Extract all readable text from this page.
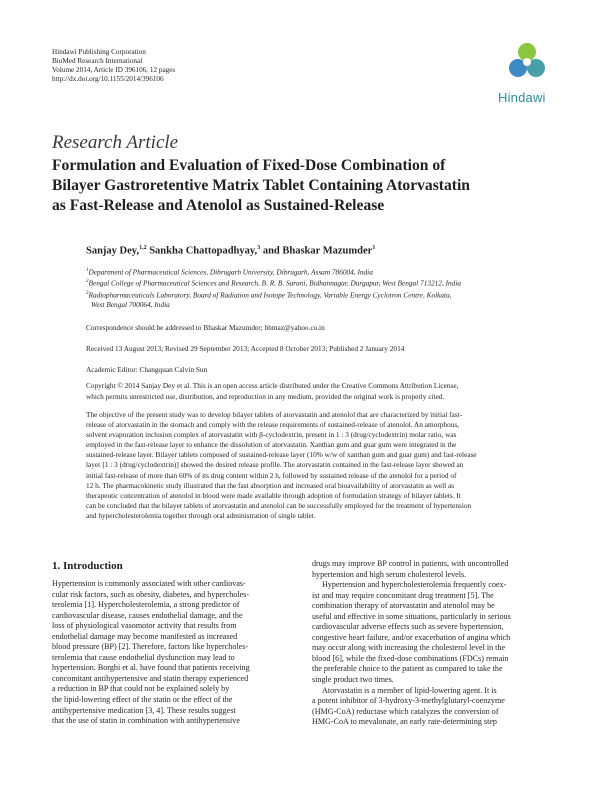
Hindawi Publishing Corporation
BioMed Research International
Volume 2014, Article ID 396106, 12 pages
http://dx.doi.org/10.1155/2014/396106
Hindawi
Research Article
Formulation and Evaluation of Fixed-Dose Combination of
Bilayer Gastroretentive Matrix Tablet Containing Atorvastatin
as Fast-Release and Atenolol as Sustained-Release
Sanjay Dey,$^{1,2}$ Sankha Chattopadhyay,$^3$ and Bhaskar Mazumder$^1$
$^1$Department of Pharmaceutical Sciences, Dibrugarh University, Dibrugarh, Assam 786004, India
$^2$Bengal College of Pharmaceutical Sciences and Research, B. R. B. Sarani, Bidhannagar, Durgapur, West Bengal 713212, India
$^3$Radiopharmaceuticals Laboratory, Board of Radiation and Isotope Technology, Variable Energy Cyclotron Centre, Kolkata,
West Bengal 700064, India
Correspondence should be addressed to Bhaskar Mazumder; bhmaz@yahoo.co.in
Received 13 August 2013; Revised 29 September 2013; Accepted 8 October 2013; Published 2 January 2014
Academic Editor: Changquan Calvin Sun
Copyright © 2014 Sanjay Dey et al. This is an open access article distributed under the Creative Commons Attribution License,
which permits unrestricted use, distribution, and reproduction in any medium, provided the original work is properly cited.
The objective of the present study was to develop bilayer tablets of atorvastatin and atenolol that are characterized by initial fast-
release of atorvastatin in the stomach and comply with the release requirements of sustained-release of atenolol. An amorphous,
solvent evaporation inclusion complex of atorvastatin with β-cyclodextrin, present in 1 : 3 (drug/cyclodextrin) molar ratio, was
employed in the fast-release layer to enhance the dissolution of atorvastatin. Xanthan gum and guar gum were integrated in the
sustained-release layer. Bilayer tablets composed of sustained-release layer (10% w/w of xanthan gum and guar gum) and fast-release
layer [1 : 3 (drug/cyclodextrin)] showed the desired release profile. The atorvastatin contained in the fast-release layer showed an
initial fast-release of more than 60% of its drug content within 2 h, followed by sustained release of the atenolol for a period of
12 h. The pharmacokinetic study illustrated that the fast absorption and increased oral bioavailability of atorvastatin as well as
therapeutic concentration of atenolol in blood were made available through adoption of formulation strategy of bilayer tablets. It
can be concluded that the bilayer tablets of atorvastatin and atenolol can be successfully employed for the treatment of hypertension
and hypercholesterolemia together through oral administration of single tablet.
1. Introduction
Hypertension is commonly associated with other cardiovas-
cular risk factors, such as obesity, diabetes, and hypercholes-
terolemia [1]. Hypercholesterolemia, a strong predictor of
cardiovascular disease, causes endothelial damage, and the
loss of physiological vasomotor activity that results from
endothelial damage may become manifested as increased
blood pressure (BP) [2]. Therefore, factors like hypercholes-
terolemia that cause endothelial dysfunction may lead to
hypertension. Borghi et al. have found that patients receiving
concomitant antihypertensive and statin therapy experienced
a reduction in BP that could not be explained solely by
the lipid-lowering effect of the statin or the effect of the
antihypertensive medication [3, 4]. These results suggest
that the use of statin in combination with antihypertensive
drugs may improve BP control in patients, with uncontrolled
hypertension and high serum cholesterol levels.
Hypertension and hypercholesterolemia frequently coex-
ist and may require concomitant drug treatment [5]. The
combination therapy of atorvastatin and atenolol may be
useful and effective in some situations, particularly in serious
cardiovascular adverse effects such as severe hypertension,
congestive heart failure, and/or exacerbation of angina which
may occur along with increasing the cholesterol level in the
blood [6], while the fixed-dose combinations (FDCs) remain
the preferable choice to the patient as compared to take the
single product two times.
Atorvastatin is a member of lipid-lowering agent. It is
a potent inhibitor of 3-hydroxy-3-methylglutaryl-coenzyme
(HMG-CoA) reductase which catalyzes the conversion of
HMG-CoA to mevalonate, an early rate-determining step
